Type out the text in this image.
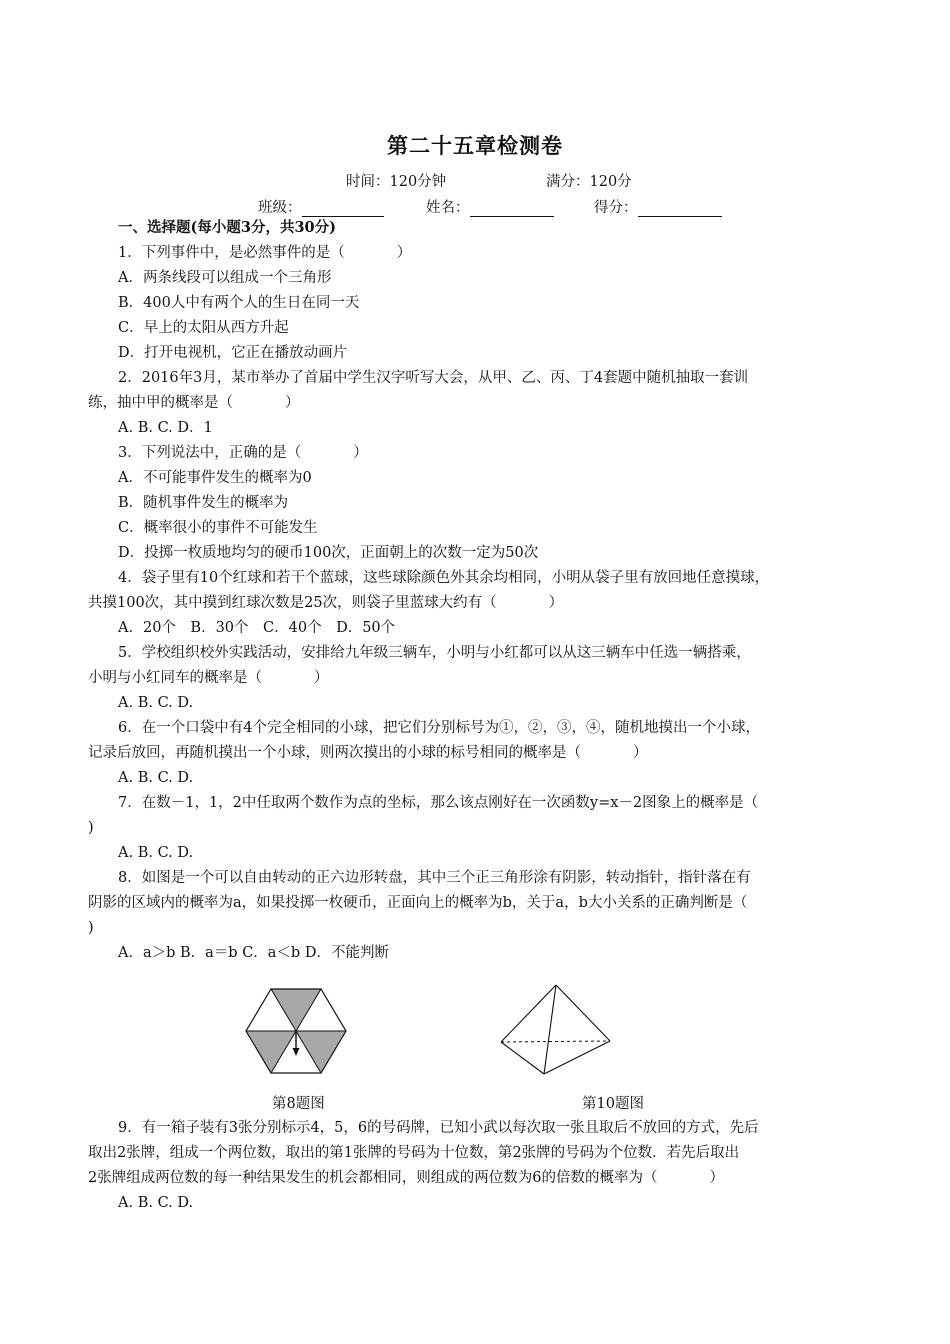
第二十五章检测卷
时间：120分钟	满分：120分
班级：	姓名：	得分：
一、选择题(每小题3分，共30分)
1．下列事件中，是必然事件的是（	）
A．两条线段可以组成一个三角形
B．400人中有两个人的生日在同一天
C．早上的太阳从西方升起
D．打开电视机，它正在播放动画片
2．2016年3月，某市举办了首届中学生汉字听写大会，从甲、乙、丙、丁4套题中随机抽取一套训
练，抽中甲的概率是（	）
A. B. C. D．1
3．下列说法中，正确的是（	）
A．不可能事件发生的概率为0
B．随机事件发生的概率为
C．概率很小的事件不可能发生
D．投掷一枚质地均匀的硬币100次，正面朝上的次数一定为50次
4．袋子里有10个红球和若干个蓝球，这些球除颜色外其余均相同，小明从袋子里有放回地任意摸球，
共摸100次，其中摸到红球次数是25次，则袋子里蓝球大约有（	）
A．20个　B．30个　C．40个　D．50个
5．学校组织校外实践活动，安排给九年级三辆车，小明与小红都可以从这三辆车中任选一辆搭乘，
小明与小红同车的概率是（	）
A. B. C. D.
6．在一个口袋中有4个完全相同的小球，把它们分别标号为①，②，③，④，随机地摸出一个小球，
记录后放回，再随机摸出一个小球，则两次摸出的小球的标号相同的概率是（	）
A. B. C. D.
7．在数－1，1，2中任取两个数作为点的坐标，那么该点刚好在一次函数y=x－2图象上的概率是（
)
A. B. C. D.
8．如图是一个可以自由转动的正六边形转盘，其中三个正三角形涂有阴影，转动指针，指针落在有
阴影的区域内的概率为a，如果投掷一枚硬币，正面向上的概率为b，关于a，b大小关系的正确判断是（
)
A．a＞b B．a＝b C．a＜b D．不能判断
第8题图	第10题图
9．有一箱子装有3张分别标示4，5，6的号码牌，已知小武以每次取一张且取后不放回的方式，先后
取出2张牌，组成一个两位数，取出的第1张牌的号码为十位数，第2张牌的号码为个位数．若先后取出
2张牌组成两位数的每一种结果发生的机会都相同，则组成的两位数为6的倍数的概率为（	）
A. B. C. D.
